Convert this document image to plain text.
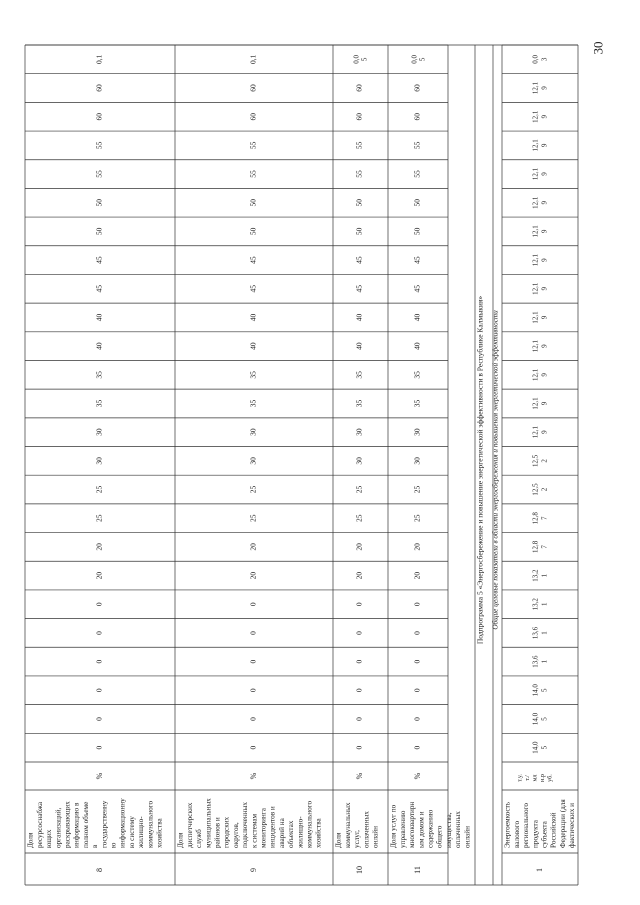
30
8
Доля ресурсоснабжа ющих организаций, раскрывающих информацию в полном объеме в государственну ю информационну ю систему жилищно- коммунального хозяйства
%
0
0
0
0
0
0
20
20
25
25
30
30
35
35
40
40
45
45
50
50
55
55
60
60
0,1
9
Доля диспетчерских служб муниципальных районов и городских округов, подключенных к системам мониторинга инцидентов и аварий на объектах жилищно- коммунального хозяйства
%
0
0
0
0
0
0
20
20
25
25
30
30
35
35
40
40
45
45
50
50
55
55
60
60
0,1
10
Доля коммунальных услуг, оплаченных онлайн
%
0
0
0
0
0
0
20
20
25
25
30
30
35
35
40
40
45
45
50
50
55
55
60
60
0,0 5
11
Доля услуг по управлению многоквартирн ым домом и содержанию общего имущества, оплаченных онлайн
%
0
0
0
0
0
0
20
20
25
25
30
30
35
35
40
40
45
45
50
50
55
55
60
60
0,0 5
Подпрограмма 5 «Энергосбережение и повышение энергетической эффективности в Республике Калмыкия» Общие целевые показатели в области энергосбережения и повышения энергетической эффективности
1
Энергоемкость валового регионального продукта субъекта Российской Федерации (для фактических и
т.у. т./ мл н.р уб.
14,0 5
14,0 5
14,0 5
13,6 1
13,6 1
13,2 1
13,2 1
12,8 7
12,8 7
12,5 2
12,5 2
12,1 9
12,1 9
12,1 9
12,1 9
12,1 9
12,1 9
12,1 9
12,1 9
12,1 9
12,1 9
12,1 9
12,1 9
12,1 9
0,0 3
